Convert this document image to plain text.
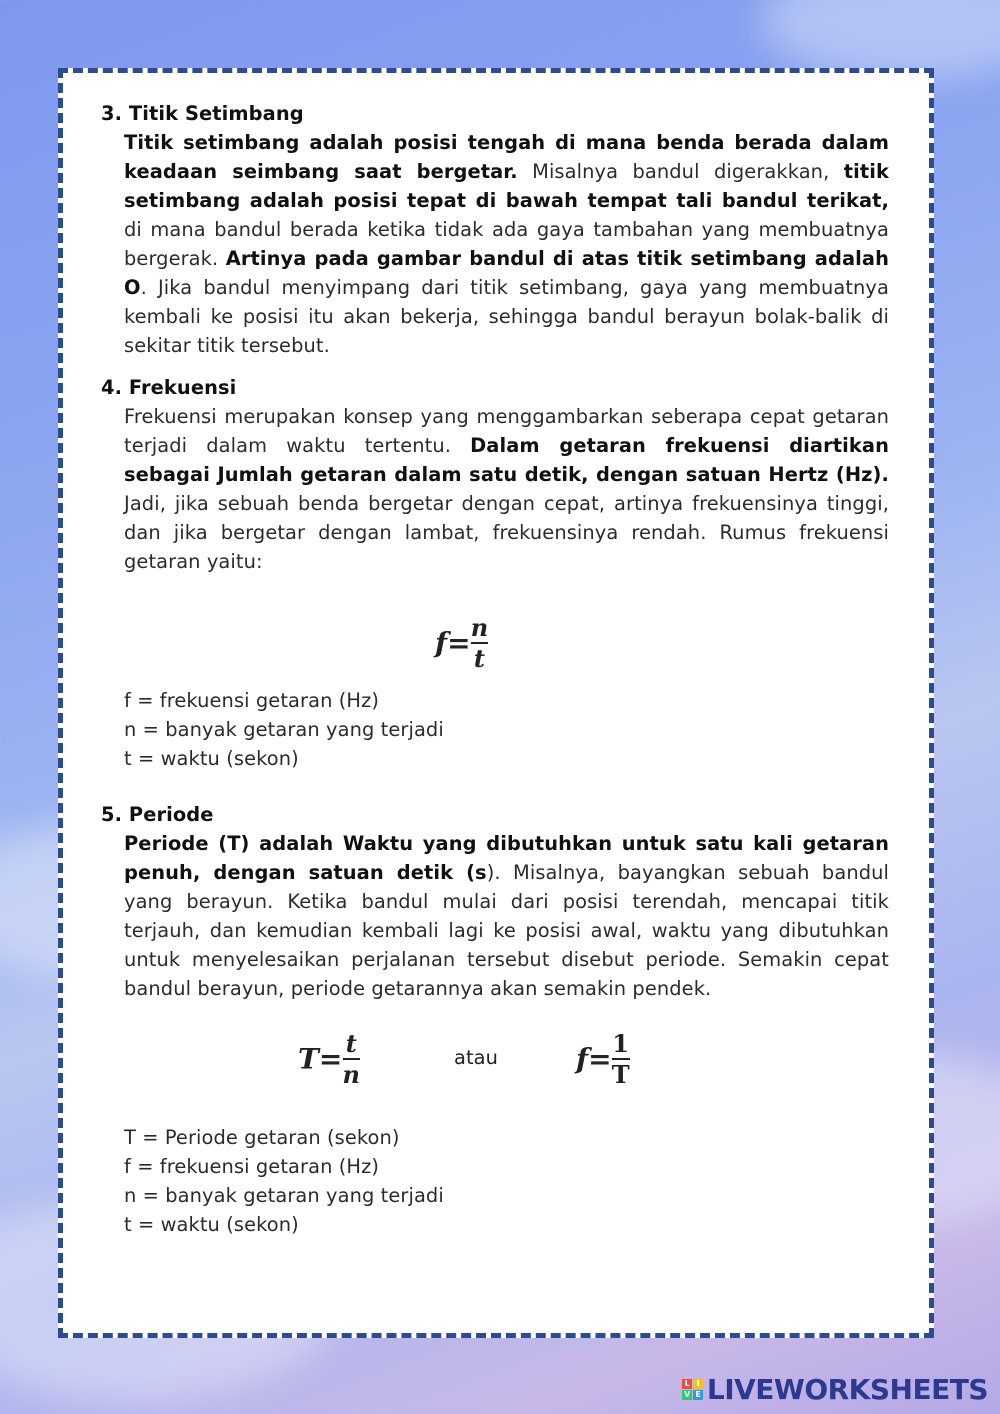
3. Titik Setimbang

Titik setimbang adalah posisi tengah di mana benda berada dalam keadaan seimbang saat bergetar. Misalnya bandul digerakkan, titik setimbang adalah posisi tepat di bawah tempat tali bandul terikat, di mana bandul berada ketika tidak ada gaya tambahan yang membuatnya bergerak. Artinya pada gambar bandul di atas titik setimbang adalah O. Jika bandul menyimpang dari titik setimbang, gaya yang membuatnya kembali ke posisi itu akan bekerja, sehingga bandul berayun bolak-balik di sekitar titik tersebut.

4. Frekuensi

Frekuensi merupakan konsep yang menggambarkan seberapa cepat getaran terjadi dalam waktu tertentu. Dalam getaran frekuensi diartikan sebagai Jumlah getaran dalam satu detik, dengan satuan Hertz (Hz). Jadi, jika sebuah benda bergetar dengan cepat, artinya frekuensinya tinggi, dan jika bergetar dengan lambat, frekuensinya rendah. Rumus frekuensi getaran yaitu:

$f= \frac{n}{t}$
f = frekuensi getaran (Hz)
n = banyak getaran yang terjadi
t = waktu (sekon)

5. Periode

Periode (T) adalah Waktu yang dibutuhkan untuk satu kali getaran penuh, dengan satuan detik (s). Misalnya, bayangkan sebuah bandul yang berayun. Ketika bandul mulai dari posisi terendah, mencapai titik terjauh, dan kemudian kembali lagi ke posisi awal, waktu yang dibutuhkan untuk menyelesaikan perjalanan tersebut disebut periode. Semakin cepat bandul berayun, periode getarannya akan semakin pendek.

$T= \frac{t}{n}$	atau	$f= \frac{1}{T}$
T = Periode getaran (sekon)
f = frekuensi getaran (Hz)
n = banyak getaran yang terjadi
t = waktu (sekon)
L I
V E LIVEWORKSHEETS
